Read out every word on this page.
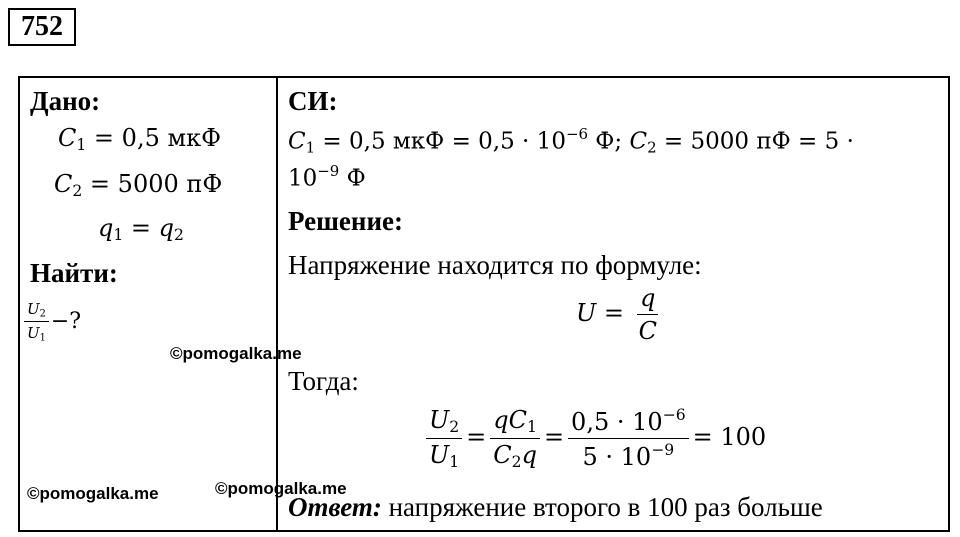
752
Дано:
$C_1 = 0,5$ мкФ
$C_2 = 5000$ пФ
$q_1 = q_2$
Найти:
$\frac{U_2}{U_1}$ −?
СИ:
$C_1 = 0,5$ мкФ = $0,5 \cdot 10^{-6}$ Ф; $C_2 = 5000$ пФ = 5 ·
$10^{-9}$ Ф
Решение:
Напряжение находится по формуле:
$U = \frac{q}{C}$
Тогда:
$\frac{U_2}{U_1} = \frac{qC_1}{C_2q} = \frac{0,5 \cdot 10^{-6}}{5 \cdot 10^{-9}} = 100$
Ответ: напряжение второго в 100 раз больше
©pomogalka.me
©pomogalka.me	©pomogalka.me
